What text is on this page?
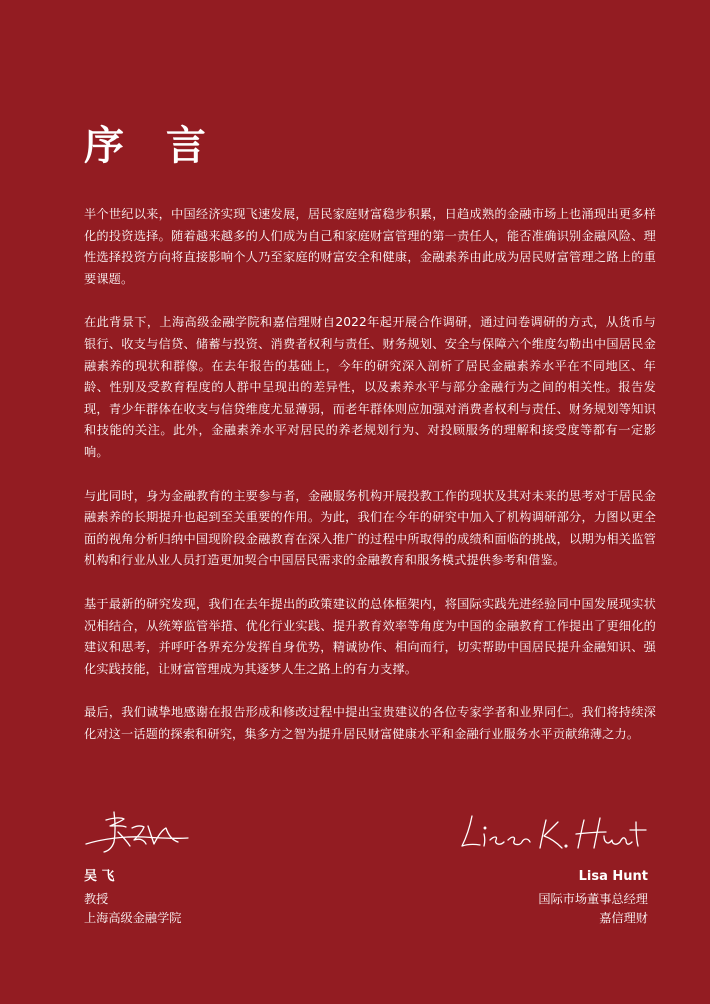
序 言

半个世纪以来，中国经济实现飞速发展，居民家庭财富稳步积累，日趋成熟的金融市场上也涌现出更多样化的投资选择。随着越来越多的人们成为自己和家庭财富管理的第一责任人，能否准确识别金融风险、理性选择投资方向将直接影响个人乃至家庭的财富安全和健康，金融素养由此成为居民财富管理之路上的重要课题。

在此背景下，上海高级金融学院和嘉信理财自2022年起开展合作调研，通过问卷调研的方式，从货币与银行、收支与信贷、储蓄与投资、消费者权利与责任、财务规划、安全与保障六个维度勾勒出中国居民金融素养的现状和群像。在去年报告的基础上，今年的研究深入剖析了居民金融素养水平在不同地区、年龄、性别及受教育程度的人群中呈现出的差异性，以及素养水平与部分金融行为之间的相关性。报告发现，青少年群体在收支与信贷维度尤显薄弱，而老年群体则应加强对消费者权利与责任、财务规划等知识和技能的关注。此外，金融素养水平对居民的养老规划行为、对投顾服务的理解和接受度等都有一定影响。

与此同时，身为金融教育的主要参与者，金融服务机构开展投教工作的现状及其对未来的思考对于居民金融素养的长期提升也起到至关重要的作用。为此，我们在今年的研究中加入了机构调研部分，力图以更全面的视角分析归纳中国现阶段金融教育在深入推广的过程中所取得的成绩和面临的挑战，以期为相关监管机构和行业从业人员打造更加契合中国居民需求的金融教育和服务模式提供参考和借鉴。

基于最新的研究发现，我们在去年提出的政策建议的总体框架内，将国际实践先进经验同中国发展现实状况相结合，从统筹监管举措、优化行业实践、提升教育效率等角度为中国的金融教育工作提出了更细化的建议和思考，并呼吁各界充分发挥自身优势，精诚协作、相向而行，切实帮助中国居民提升金融知识、强化实践技能，让财富管理成为其逐梦人生之路上的有力支撑。

最后，我们诚挚地感谢在报告形成和修改过程中提出宝贵建议的各位专家学者和业界同仁。我们将持续深化对这一话题的探索和研究，集多方之智为提升居民财富健康水平和金融行业服务水平贡献绵薄之力。

吴 飞
教授
上海高级金融学院
Lisa Hunt
国际市场董事总经理
嘉信理财
